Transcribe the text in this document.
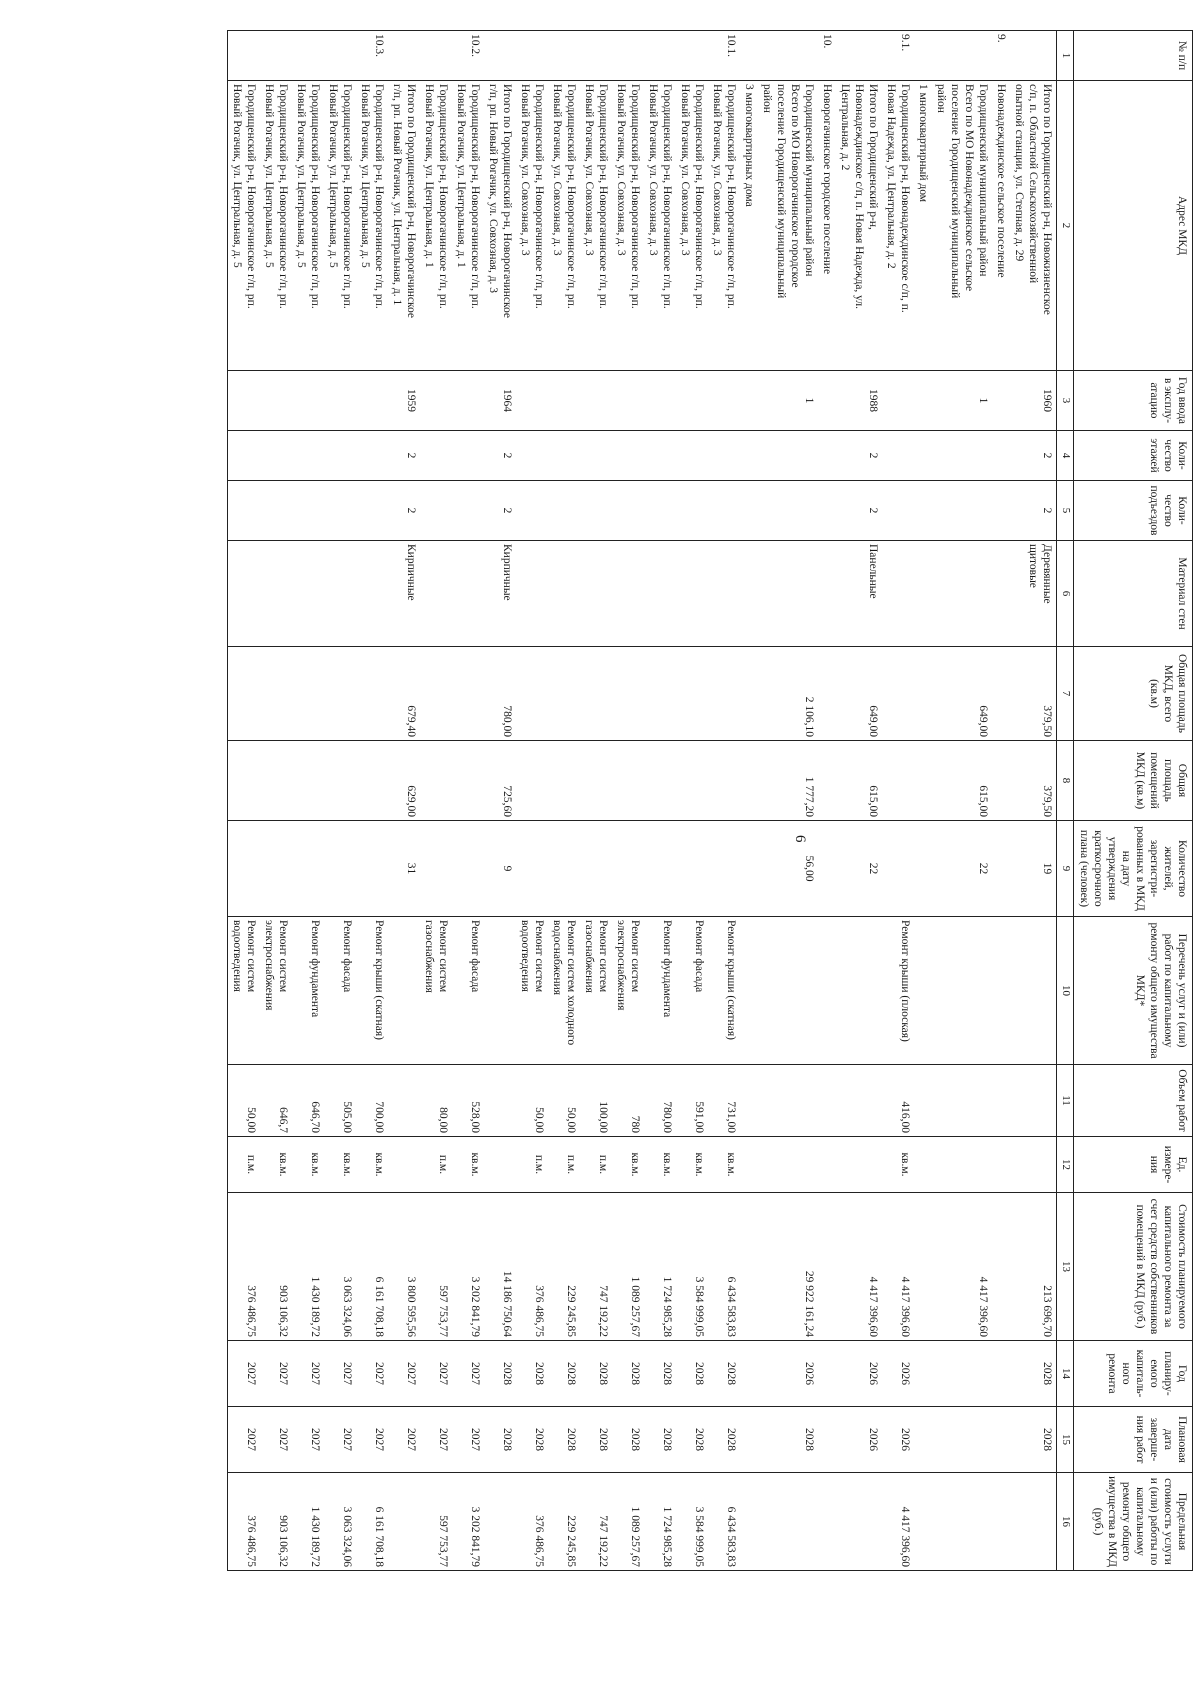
6
№ п/п	Адрес МКД	Год ввода в эксплу-атацию	Коли-чество этажей	Коли-чество подъездов	Материал стен	Общая площадь МКД, всего (кв.м)	Общая площадь помещений МКД (кв.м)	Количество жителей, зарегистри-рованных в МКД на дату утверждения краткосрочного плана (человек)	Перечень услуг и (или) работ по капитальному ремонту общего имущества МКД*	Объем работ	Ед. измере-ния	Стоимость планируемого капитального ремонта за счет средств собственников помещений в МКД (руб.)	Год планиру-емого капиталь-ного ремонта	Плановая дата заверше-ния работ	Предельная стоимость услуги и (или) работы по капитальному ремонту общего имущества в МКД (руб.)
1	2	3	4	5	6	7	8	9	10	11	12	13	14	15	16

	Итого по Городищенский р-н, Новожизненское
с/п, п. Областной Сельскохозяйственной
опытной станции, ул. Степная, д. 29	1960	2	2	Деревянные щитовые	379,50	379,50	19				213 696,70	2028	2028	
9.	Новонадеждинское сельское поселение														

	Городищенский муниципальный район
Всего по МО Новонадеждинское сельское
поселение Городищенский муниципальный
район	1				649,00	615,00	22				4 417 396,60			

	1 многоквартирный дом														

9.1.	Городищенский р-н, Новонадеждинское с/п, п.
Новая Надежда, ул. Центральная, д. 2								Ремонт крыши (плоская)	416,00	кв.м.	4 417 396,60	2026	2026	4 417 396,60

	Итого по Городищенский р-н,
Новонадеждинское с/п, п. Новая Надежда, ул.
Центральная, д. 2	1988	2	2	Панельные	649,00	615,00	22				4 417 396,60	2026	2026	
10.	Новорогачинское городское поселение														

	Городищенский муниципальный район
Всего по МО Новорогачинское городское
поселение Городищенский муниципальный
район	1				2 106,10	1 777,20	56,00				29 922 161,24	2026	2028	

	3 многоквартирных дома														

10.1.	Городищенский р-н, Новорогачинское г/п, рп.
Новый Рогачик, ул. Совхозная, д. 3								Ремонт крыши (скатная)	731,00	кв.м.	6 434 583,83	2028	2028	6 434 583,83

	Городищенский р-н, Новорогачинское г/п, рп.
Новый Рогачик, ул. Совхозная, д. 3								Ремонт фасада	591,00	кв.м.	3 584 999,05	2028	2028	3 584 999,05

	Городищенский р-н, Новорогачинское г/п, рп.
Новый Рогачик, ул. Совхозная, д. 3								Ремонт фундамента	780,00	кв.м.	1 724 985,28	2028	2028	1 724 985,28

	Городищенский р-н, Новорогачинское г/п, рп.
Новый Рогачик, ул. Совхозная, д. 3								Ремонт систем электроснабжения	780	кв.м.	1 089 257,67	2028	2028	1 089 257,67

	Городищенский р-н, Новорогачинское г/п, рп.
Новый Рогачик, ул. Совхозная, д. 3								Ремонт систем газоснабжения	100,00	п.м.	747 192,22	2028	2028	747 192,22

	Городищенский р-н, Новорогачинское г/п, рп.
Новый Рогачик, ул. Совхозная, д. 3								Ремонт систем холодного водоснабжения	50,00	п.м.	229 245,85	2028	2028	229 245,85

	Городищенский р-н, Новорогачинское г/п, рп.
Новый Рогачик, ул. Совхозная, д. 3								Ремонт систем водоотведения	50,00	п.м.	376 486,75	2028	2028	376 486,75

	Итого по Городищенский р-н, Новорогачинское
г/п, рп. Новый Рогачик, ул. Совхозная, д. 3	1964	2	2	Кирпичные	780,00	725,60	9				14 186 750,64	2028	2028	
10.2.	Городищенский р-н, Новорогачинское г/п, рп.
Новый Рогачик, ул. Центральная, д. 1								Ремонт фасада	528,00	кв.м.	3 202 841,79	2027	2027	3 202 841,79

	Городищенский р-н, Новорогачинское г/п, рп.
Новый Рогачик, ул. Центральная, д. 1								Ремонт систем газоснабжения	80,00	п.м.	597 753,77	2027	2027	597 753,77

	Итого по Городищенский р-н, Новорогачинское
г/п, рп. Новый Рогачик, ул. Центральная, д. 1	1959	2	2	Кирпичные	679,40	629,00	31				3 800 595,56	2027	2027	
10.3.	Городищенский р-н, Новорогачинское г/п, рп.
Новый Рогачик, ул. Центральная, д. 5								Ремонт крыши (скатная)	700,00	кв.м.	6 161 708,18	2027	2027	6 161 708,18

	Городищенский р-н, Новорогачинское г/п, рп.
Новый Рогачик, ул. Центральная, д. 5								Ремонт фасада	505,00	кв.м.	3 063 324,06	2027	2027	3 063 324,06

	Городищенский р-н, Новорогачинское г/п, рп.
Новый Рогачик, ул. Центральная, д. 5								Ремонт фундамента	646,70	кв.м.	1 430 189,72	2027	2027	1 430 189,72

	Городищенский р-н, Новорогачинское г/п, рп.
Новый Рогачик, ул. Центральная, д. 5								Ремонт систем электроснабжения	646,7	кв.м.	903 106,32	2027	2027	903 106,32

	Городищенский р-н, Новорогачинское г/п, рп.
Новый Рогачик, ул. Центральная, д. 5								Ремонт систем водоотведения	50,00	п.м.	376 486,75	2027	2027	376 486,75
